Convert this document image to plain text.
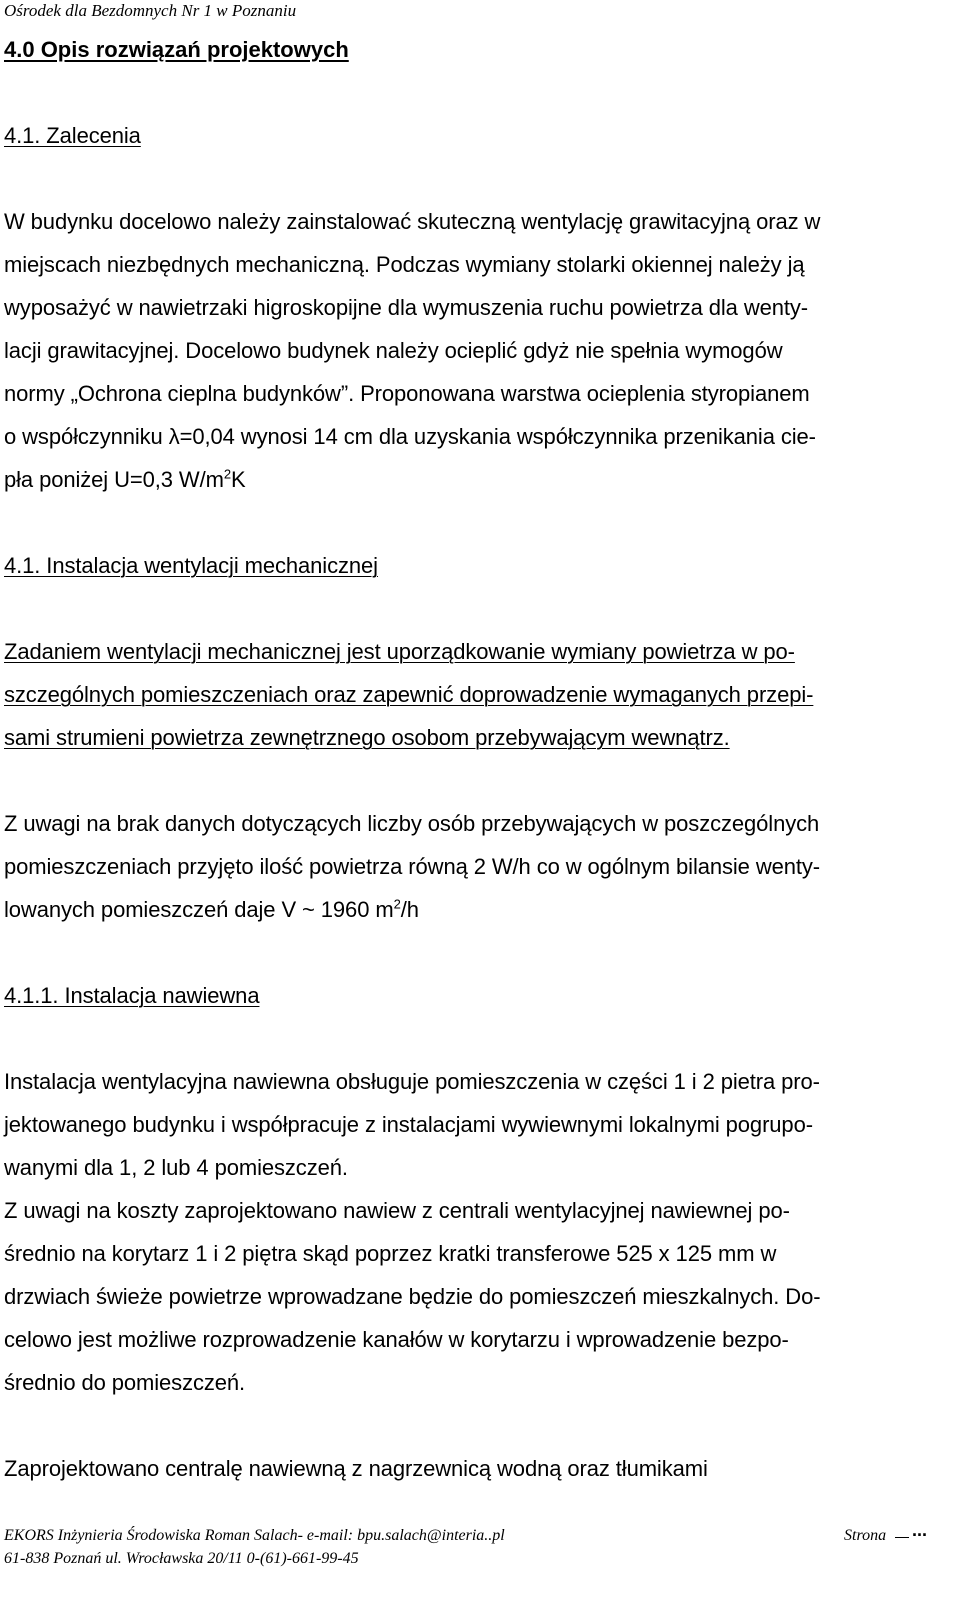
Ośrodek dla Bezdomnych Nr 1 w Poznaniu
4.0 Opis rozwiązań projektowych
4.1. Zalecenia
W budynku docelowo należy zainstalować skuteczną wentylację grawitacyjną oraz w
miejscach niezbędnych mechaniczną. Podczas wymiany stolarki okiennej należy ją
wyposażyć w nawietrzaki higroskopijne dla wymuszenia ruchu powietrza dla wenty-
lacji grawitacyjnej. Docelowo budynek należy ocieplić gdyż nie spełnia wymogów
normy „Ochrona cieplna budynków”. Proponowana warstwa ocieplenia styropianem
o współczynniku λ=0,04 wynosi 14 cm dla uzyskania współczynnika przenikania cie-
pła poniżej U=0,3 $W/m^2K$
4.1. Instalacja wentylacji mechanicznej
Zadaniem wentylacji mechanicznej jest uporządkowanie wymiany powietrza w po-
szczególnych pomieszczeniach oraz zapewnić doprowadzenie wymaganych przepi-
sami strumieni powietrza zewnętrznego osobom przebywającym wewnątrz.
Z uwagi na brak danych dotyczących liczby osób przebywających w poszczególnych
pomieszczeniach przyjęto ilość powietrza równą 2 W/h co w ogólnym bilansie wenty-
lowanych pomieszczeń daje V ~ 1960 $m^2/h$
4.1.1. Instalacja nawiewna
Instalacja wentylacyjna nawiewna obsługuje pomieszczenia w części 1 i 2 pietra pro-
jektowanego budynku i współpracuje z instalacjami wywiewnymi lokalnymi pogrupo-
wanymi dla 1, 2 lub 4 pomieszczeń.
Z uwagi na koszty zaprojektowano nawiew z centrali wentylacyjnej nawiewnej po-
średnio na korytarz 1 i 2 piętra skąd poprzez kratki transferowe 525 x 125 mm w
drzwiach świeże powietrze wprowadzane będzie do pomieszczeń mieszkalnych. Do-
celowo jest możliwe rozprowadzenie kanałów w korytarzu i wprowadzenie bezpo-
średnio do pomieszczeń.
Zaprojektowano centralę nawiewną z nagrzewnicą wodną oraz tłumikami
EKORS Inżynieria Środowiska Roman Salach- e-mail: bpu.salach@interia..pl	Strona ...
61-838 Poznań ul. Wrocławska 20/11 0-(61)-661-99-45
